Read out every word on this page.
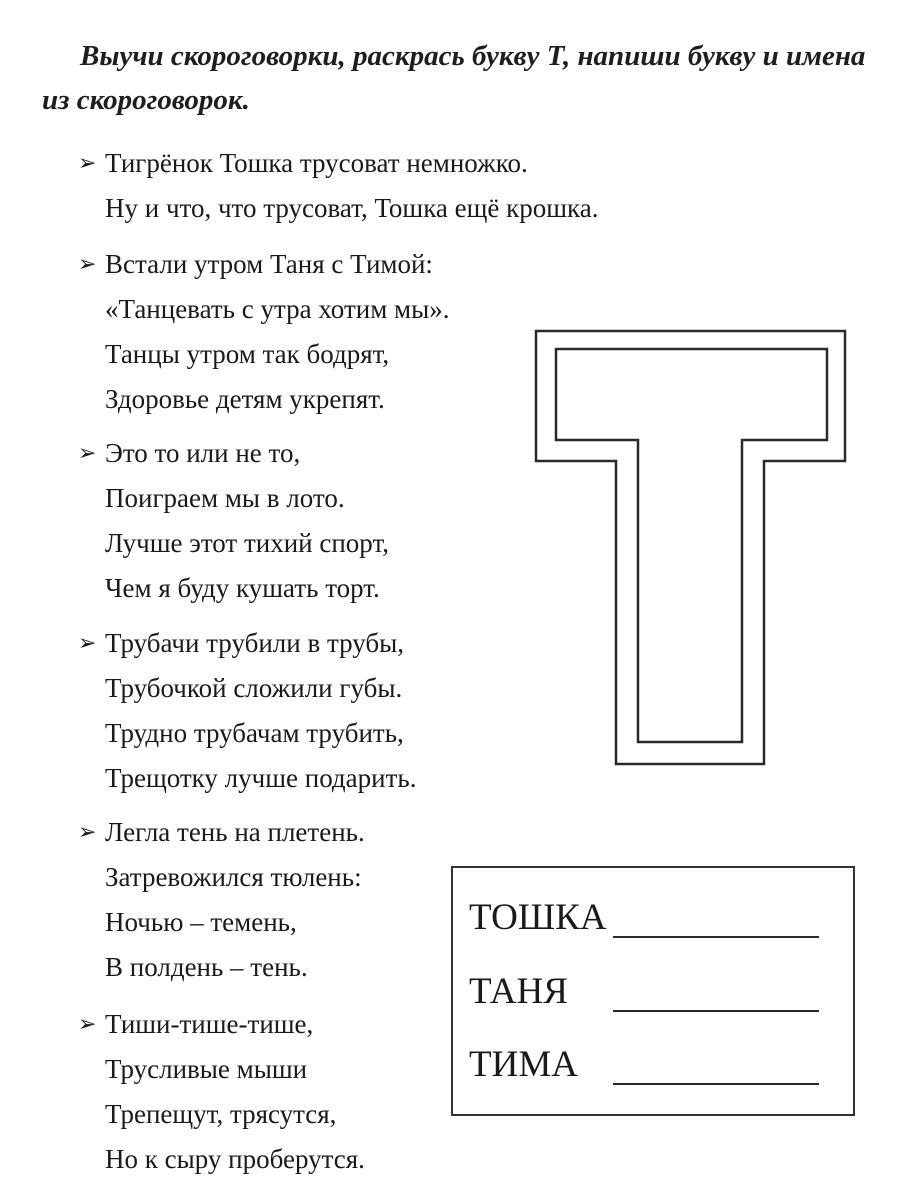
Выучи скороговорки, раскрась букву Т, напиши букву и имена из скороговорок.

➢ Тигрёнок Тошка трусоват немножко.
Ну и что, что трусоват, Тошка ещё крошка.
➢ Встали утром Таня с Тимой:
«Танцевать с утра хотим мы».
Танцы утром так бодрят,
Здоровье детям укрепят.
➢ Это то или не то,
Поиграем мы в лото.
Лучше этот тихий спорт,
Чем я буду кушать торт.
➢ Трубачи трубили в трубы,
Трубочкой сложили губы.
Трудно трубачам трубить,
Трещотку лучше подарить.
➢ Легла тень на плетень.
Затревожился тюлень:
Ночью – темень,
В полдень – тень.
➢ Тиши-тише-тише,
Трусливые мыши
Трепещут, трясутся,
Но к сыру проберутся.
ТОШКА
ТАНЯ
ТИМА
